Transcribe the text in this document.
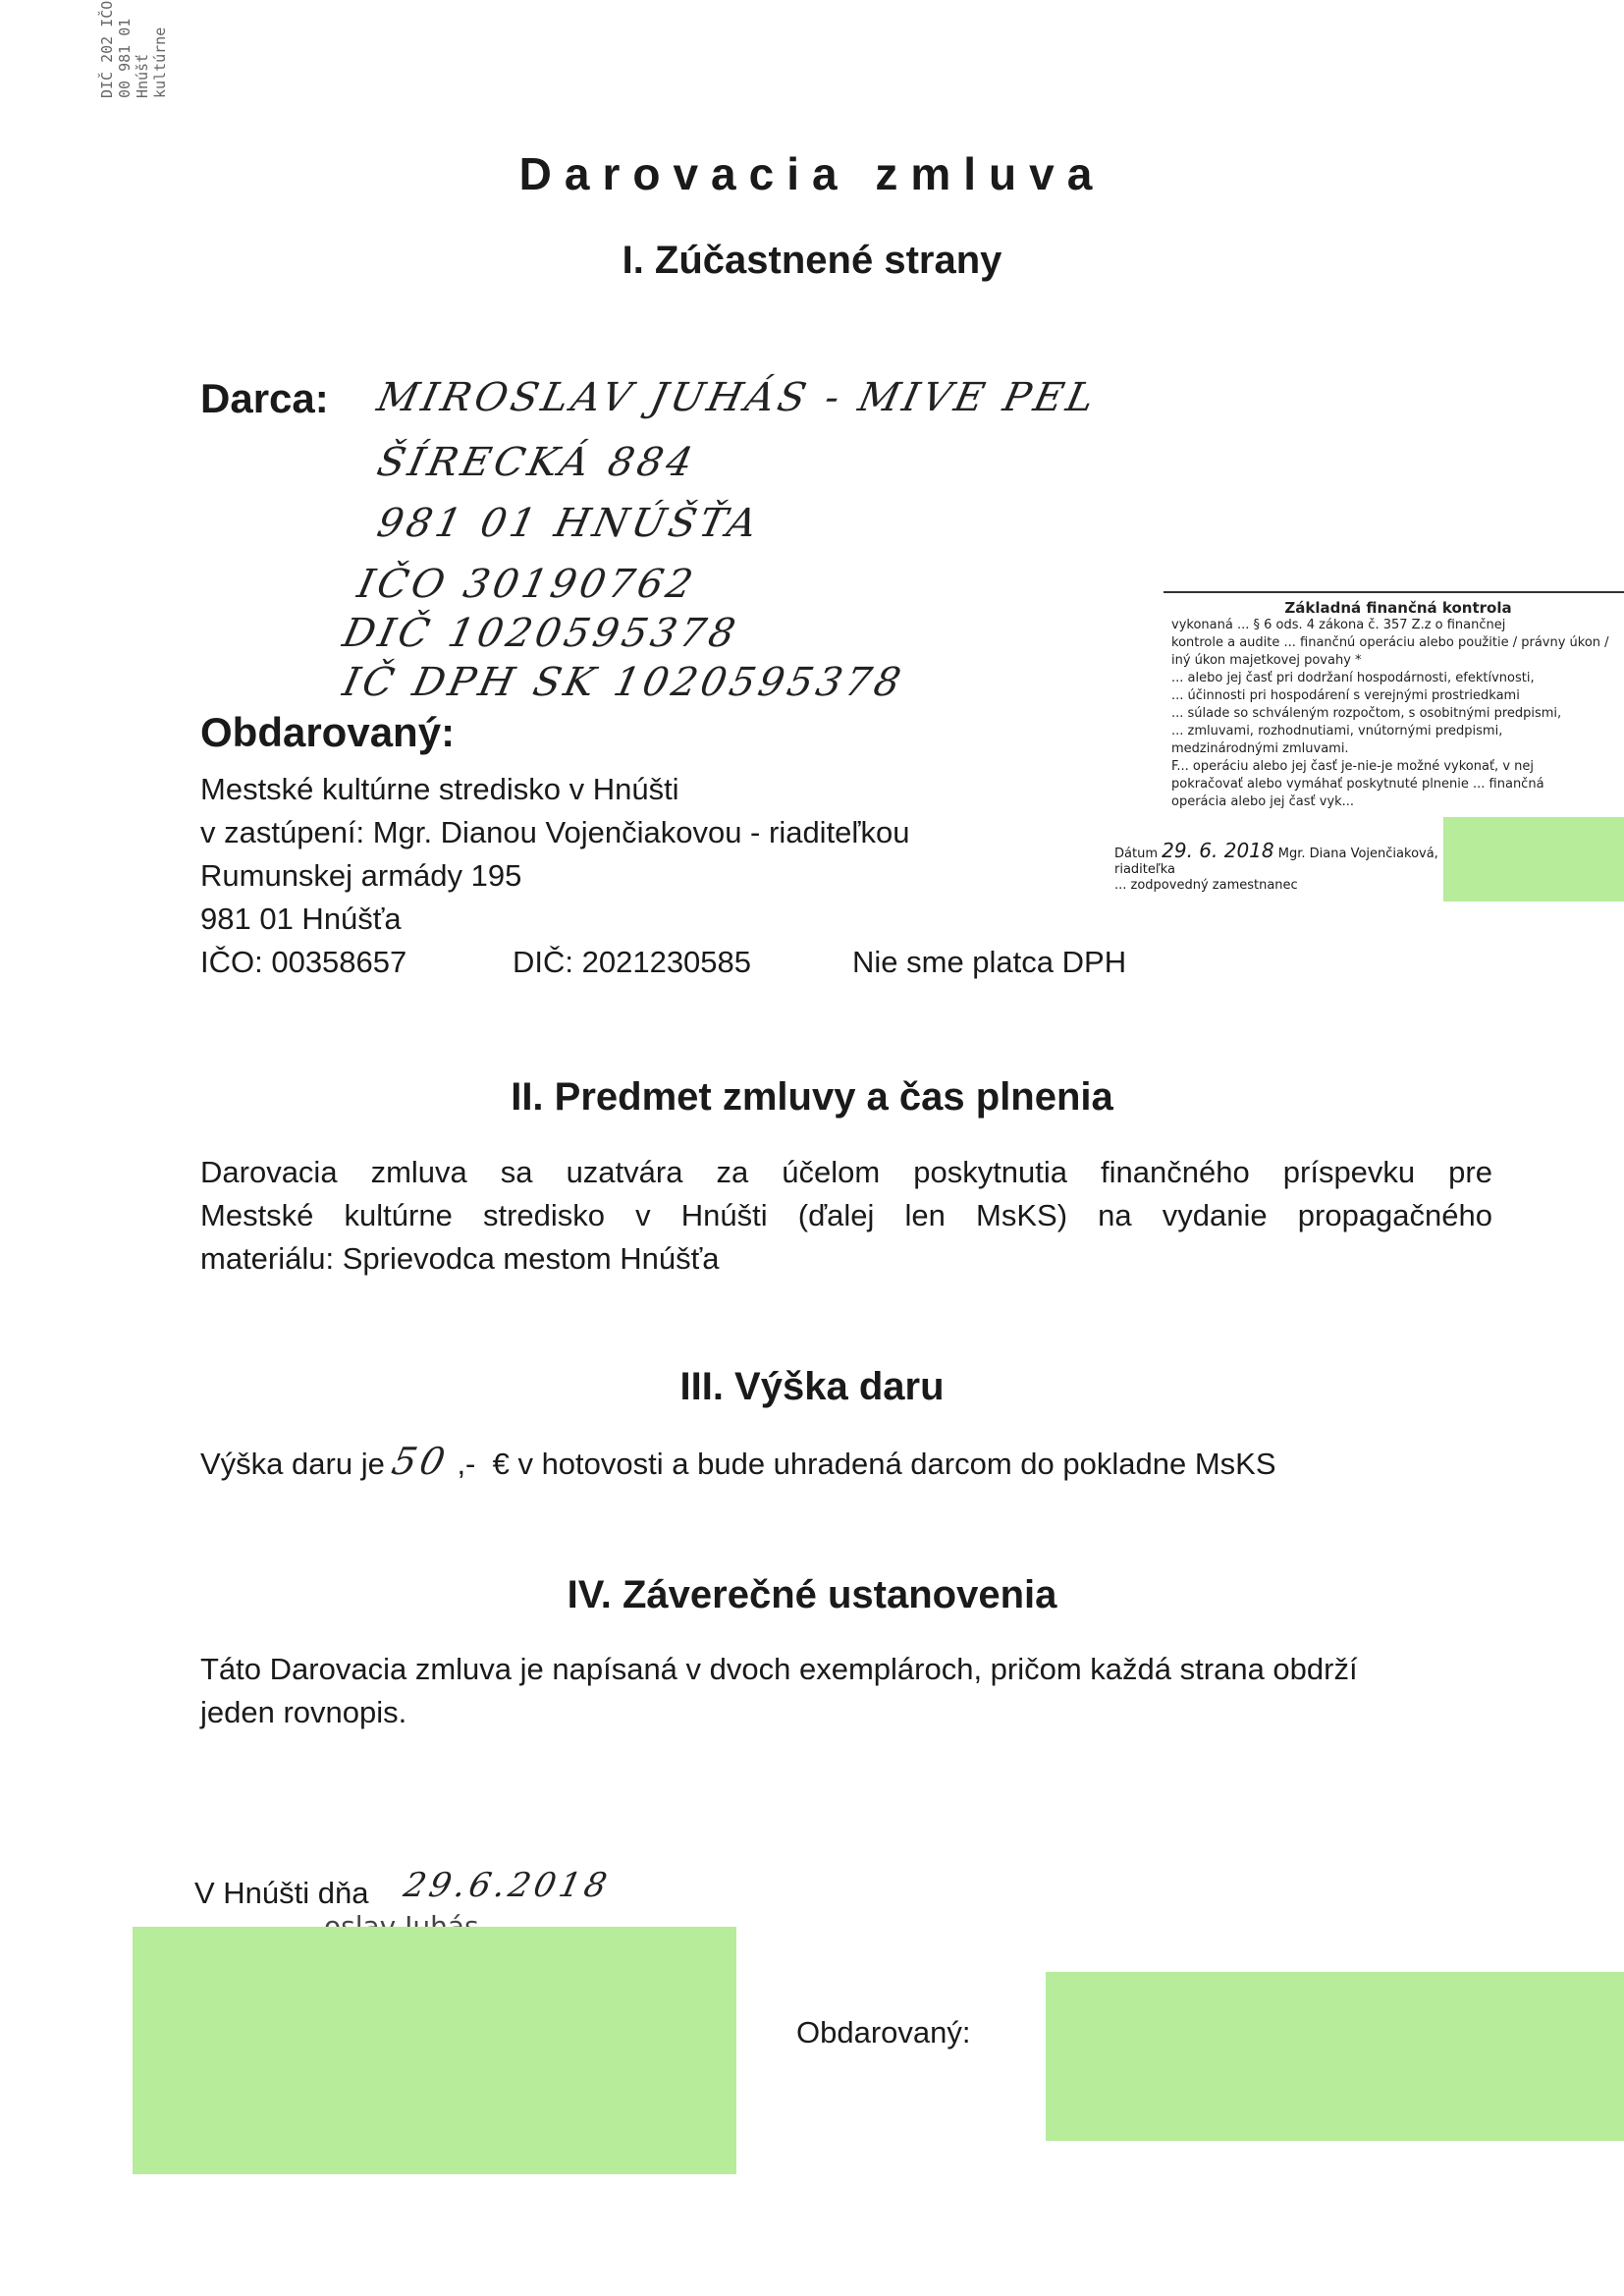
DIČ 202 IČO 00 981 01 Hnúšť kultúrne
Darovacia zmluva
I. Zúčastnené strany
Darca: MIROSLAV JUHÁS - MIVE PEL
ŠÍRECKÁ 884
981 01 HNÚŠŤA
IČO 30190762
DIČ 1020595378
IČ DPH SK 1020595378
Obdarovaný:
Mestské kultúrne stredisko v Hnúšti
v zastúpení: Mgr. Dianou Vojenčiakovou - riaditeľkou
Rumunskej armády 195
981 01 Hnúšťa
IČO: 00358657	DIČ: 2021230585	Nie sme platca DPH
Základná finančná kontrola
vykonaná ... § 6 ods. 4 zákona č. 357 Z.z o finančnej
kontrole a audite ... finančnú operáciu alebo použitie / právny úkon /
iný úkon majetkovej povahy *
... alebo jej časť pri dodržaní hospodárnosti, efektívnosti,
... účinnosti pri hospodárení s verejnými prostriedkami
... súlade so schváleným rozpočtom, s osobitnými predpismi,
... zmluvami, rozhodnutiami, vnútornými predpismi,
medzinárodnými zmluvami.
F... operáciu alebo jej časť je-nie-je možné vykonať, v nej
pokračovať alebo vymáhať poskytnuté plnenie ... finančná
operácia alebo jej časť vyk...
Dátum 29. 6. 2018 Mgr. Diana Vojenčiaková, riaditeľka
... zodpovedný zamestnanec
II. Predmet zmluvy a čas plnenia
Darovacia zmluva sa uzatvára za účelom poskytnutia finančného príspevku pre
Mestské kultúrne stredisko v Hnúšti (ďalej len MsKS) na vydanie propagačného
materiálu: Sprievodca mestom Hnúšťa
III. Výška daru
Výška daru je 50 ,-  € v hotovosti a bude uhradená darcom do pokladne MsKS
IV. Záverečné ustanovenia
Táto Darovacia zmluva je napísaná v dvoch exemplároch, pričom každá strana obdrží
jeden rovnopis.
V Hnúšti dňa 29.6.2018
Obdarovaný:
